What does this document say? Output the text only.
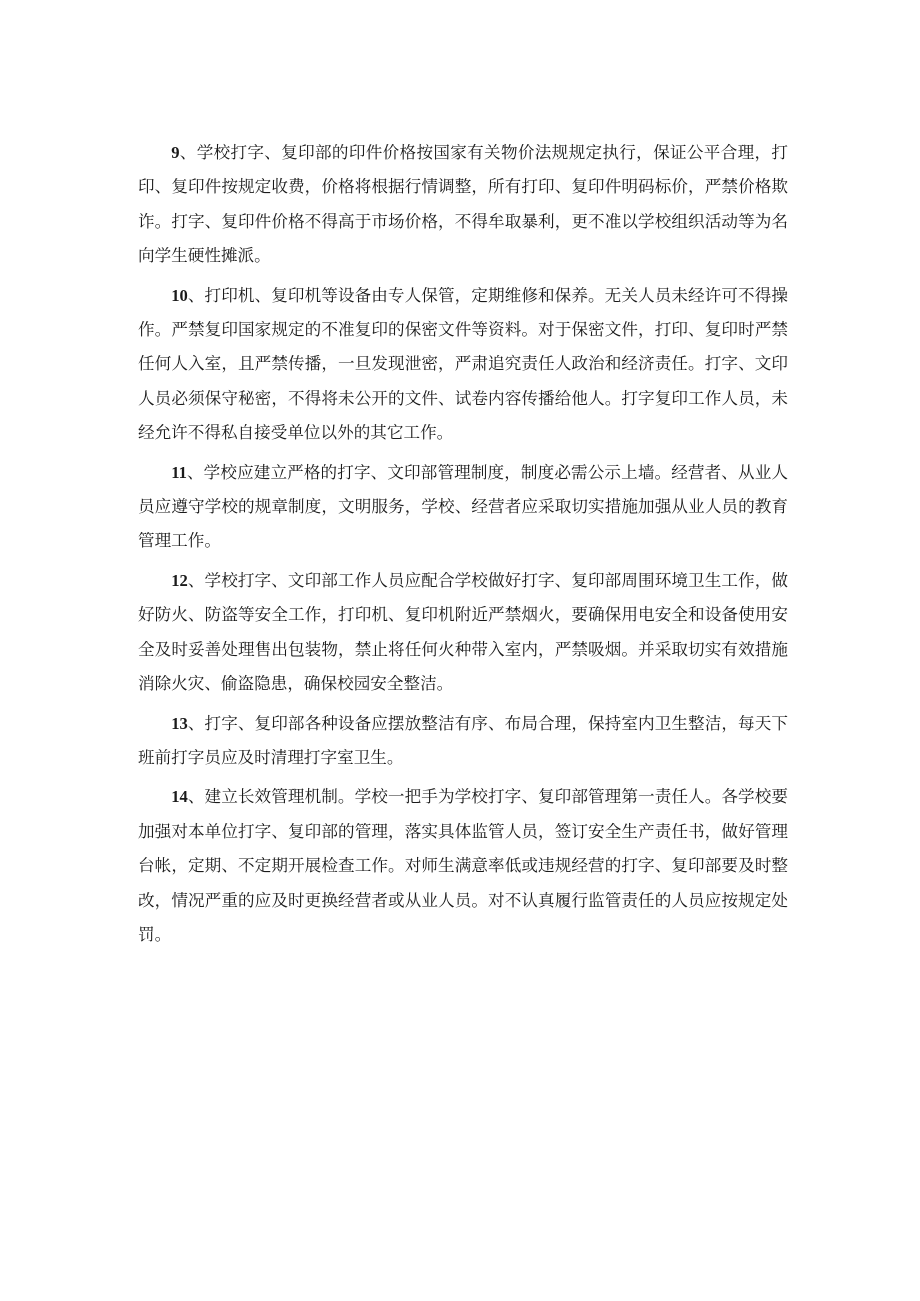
9、学校打字、复印部的印件价格按国家有关物价法规规定执行，保证公平合理，打印、复印件按规定收费，价格将根据行情调整，所有打印、复印件明码标价，严禁价格欺诈。打字、复印件价格不得高于市场价格，不得牟取暴利，更不准以学校组织活动等为名向学生硬性摊派。

10、打印机、复印机等设备由专人保管，定期维修和保养。无关人员未经许可不得操作。严禁复印国家规定的不准复印的保密文件等资料。对于保密文件，打印、复印时严禁任何人入室，且严禁传播，一旦发现泄密，严肃追究责任人政治和经济责任。打字、文印人员必须保守秘密，不得将未公开的文件、试卷内容传播给他人。打字复印工作人员，未经允许不得私自接受单位以外的其它工作。

11、学校应建立严格的打字、文印部管理制度，制度必需公示上墙。经营者、从业人员应遵守学校的规章制度，文明服务，学校、经营者应采取切实措施加强从业人员的教育管理工作。

12、学校打字、文印部工作人员应配合学校做好打字、复印部周围环境卫生工作，做好防火、防盗等安全工作，打印机、复印机附近严禁烟火，要确保用电安全和设备使用安全及时妥善处理售出包装物，禁止将任何火种带入室内，严禁吸烟。并采取切实有效措施消除火灾、偷盗隐患，确保校园安全整洁。

13、打字、复印部各种设备应摆放整洁有序、布局合理，保持室内卫生整洁，每天下班前打字员应及时清理打字室卫生。

14、建立长效管理机制。学校一把手为学校打字、复印部管理第一责任人。各学校要加强对本单位打字、复印部的管理，落实具体监管人员，签订安全生产责任书，做好管理台帐，定期、不定期开展检查工作。对师生满意率低或违规经营的打字、复印部要及时整改，情况严重的应及时更换经营者或从业人员。对不认真履行监管责任的人员应按规定处罚。
